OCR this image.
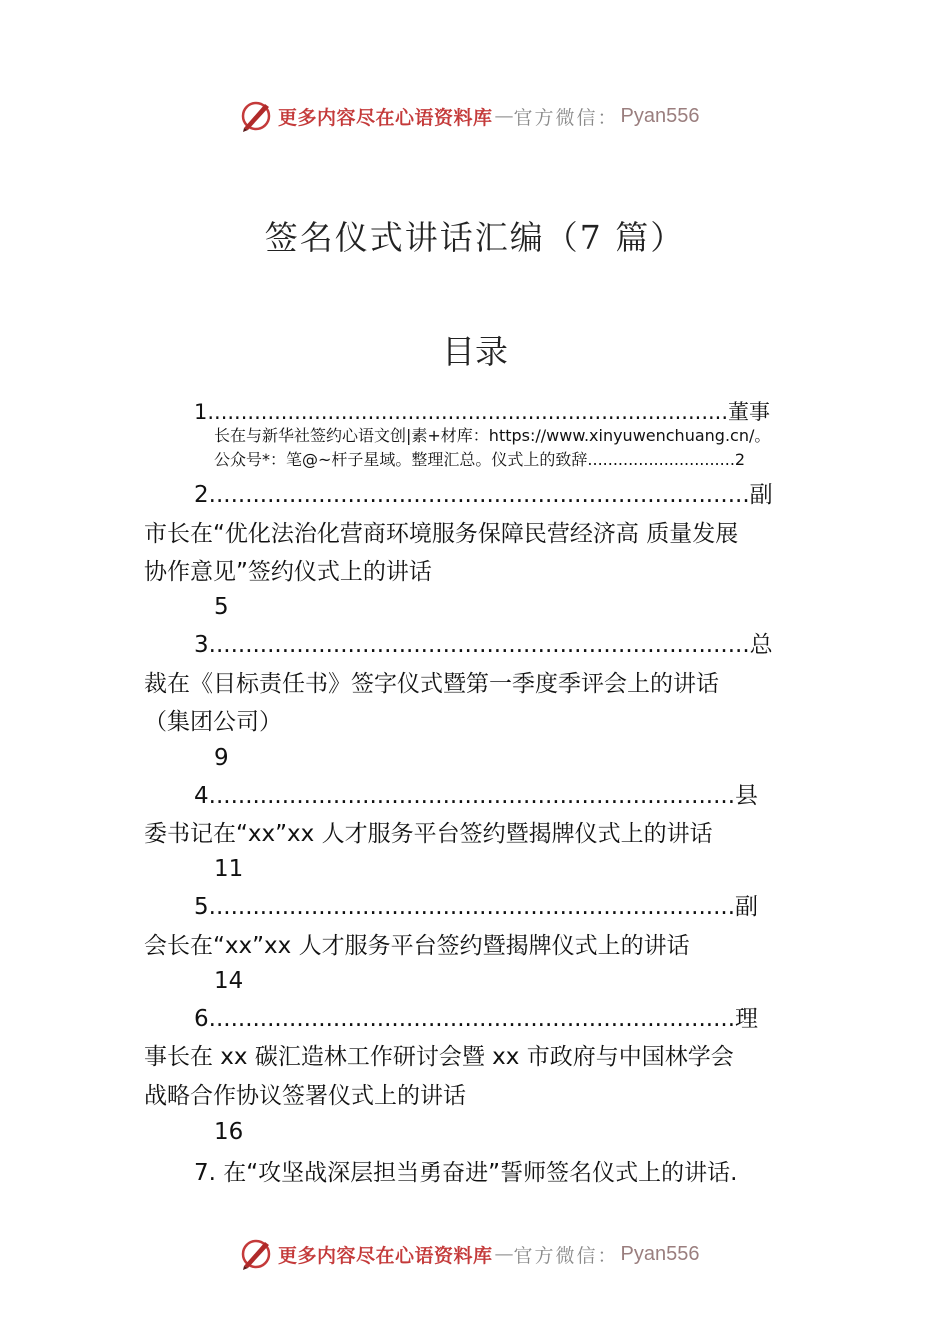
更多内容尽在心语资料库 — 官方微信： Pyan556
签名仪式讲话汇编（7 篇）
目录
1..............................................................................董事
长在与新华社签约心语文创|素+材库：https://www.xinyuwenchuang.cn/。
公众号*：笔@~杆子星域。整理汇总。仪式上的致辞.............................2
2..........................................................................副
市长在“优化法治化营商环境服务保障民营经济高 质量发展
协作意见”签约仪式上的讲话
5
3..........................................................................总
裁在《目标责任书》签字仪式暨第一季度季评会上的讲话
（集团公司）
9
4........................................................................县
委书记在“xx”xx 人才服务平台签约暨揭牌仪式上的讲话
11
5........................................................................副
会长在“xx”xx 人才服务平台签约暨揭牌仪式上的讲话
14
6........................................................................理
事长在 xx 碳汇造林工作研讨会暨 xx 市政府与中国林学会
战略合作协议签署仪式上的讲话
16
7. 在“攻坚战深层担当勇奋进”誓师签名仪式上的讲话.
更多内容尽在心语资料库 — 官方微信： Pyan556
